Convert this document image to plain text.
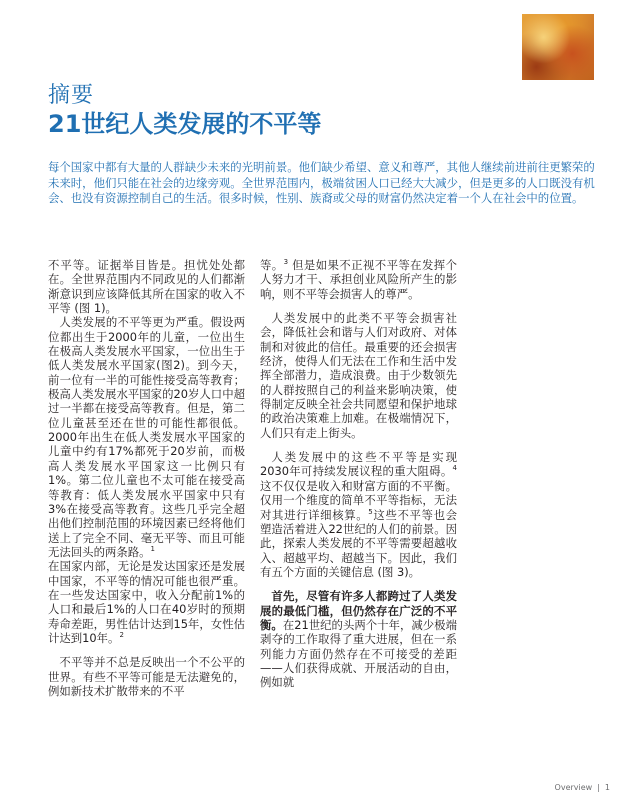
摘要
21世纪人类发展的不平等

每个国家中都有大量的人群缺少未来的光明前景。他们缺少希望、意义和尊严，其他人继续前进前往更繁荣的未来时，他们只能在社会的边缘旁观。全世界范围内，极端贫困人口已经大大减少，但是更多的人口既没有机会、也没有资源控制自己的生活。很多时候，性别、族裔或父母的财富仍然决定着一个人在社会中的位置。

不平等。证据举目皆是。担忧处处都在。全世界范围内不同政见的人们都渐渐意识到应该降低其所在国家的收入不平等 (图 1)。

人类发展的不平等更为严重。假设两位都出生于2000年的儿童，一位出生在极高人类发展水平国家，一位出生于低人类发展水平国家(图2)。到今天，前一位有一半的可能性接受高等教育；极高人类发展水平国家的20岁人口中超过一半都在接受高等教育。但是，第二位儿童甚至还在世的可能性都很低。2000年出生在低人类发展水平国家的儿童中约有17%都死于20岁前，而极高人类发展水平国家这一比例只有1%。第二位儿童也不太可能在接受高等教育：低人类发展水平国家中只有3%在接受高等教育。这些几乎完全超出他们控制范围的环境因素已经将他们送上了完全不同、毫无平等、而且可能无法回头的两条路。$^1$

在国家内部，无论是发达国家还是发展中国家，不平等的情况可能也很严重。在一些发达国家中，收入分配前1%的人口和最后1%的人口在40岁时的预期寿命差距，男性估计达到15年，女性估计达到10年。$^2$

不平等并不总是反映出一个不公平的世界。有些不平等可能是无法避免的，例如新技术扩散带来的不平

等。$^3$ 但是如果不正视不平等在发挥个人努力才干、承担创业风险所产生的影响，则不平等会损害人的尊严。

人类发展中的此类不平等会损害社会，降低社会和谐与人们对政府、对体制和对彼此的信任。最重要的还会损害经济，使得人们无法在工作和生活中发挥全部潜力，造成浪费。由于少数领先的人群按照自己的利益来影响决策，使得制定反映全社会共同愿望和保护地球的政治决策难上加难。在极端情况下，人们只有走上街头。

人类发展中的这些不平等是实现2030年可持续发展议程的重大阻碍。$^4$ 这不仅仅是收入和财富方面的不平衡。仅用一个维度的简单不平等指标，无法对其进行详细核算。$^5$这些不平等也会塑造活着进入22世纪的人们的前景。因此，探索人类发展的不平等需要超越收入、超越平均、超越当下。因此，我们有五个方面的关键信息 (图 3)。

首先，尽管有许多人都跨过了人类发展的最低门槛，但仍然存在广泛的不平衡。在21世纪的头两个十年，减少极端剥夺的工作取得了重大进展，但在一系列能力方面仍然存在不可接受的差距——人们获得成就、开展活动的自由，例如就

Overview | 1
